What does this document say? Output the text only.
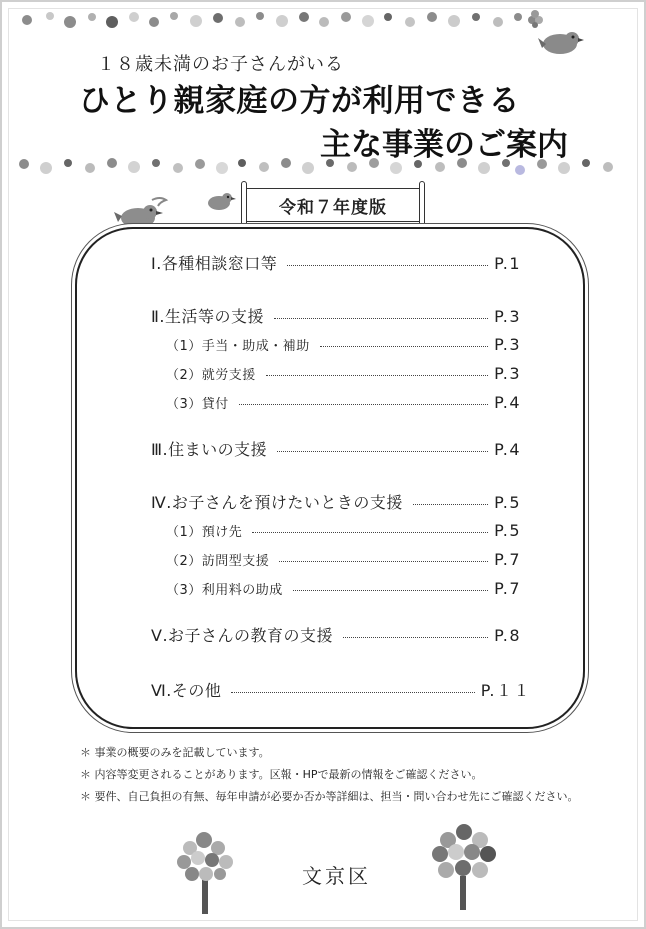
１８歳未満のお子さんがいる
ひとり親家庭の方が利用できる
主な事業のご案内
令和７年度版
Ⅰ.各種相談窓口等	P.1
Ⅱ.生活等の支援	P.3
（1）手当・助成・補助	P.3
（2）就労支援	P.3
（3）貸付	P.4
Ⅲ.住まいの支援	P.4
Ⅳ.お子さんを預けたいときの支援	P.5
（1）預け先	P.5
（2）訪問型支援	P.7
（3）利用料の助成	P.7
Ⅴ.お子さんの教育の支援	P.8
Ⅵ.その他	P.１１
＊ 事業の概要のみを記載しています。
＊ 内容等変更されることがあります。区報・HPで最新の情報をご確認ください。
＊ 要件、自己負担の有無、毎年申請が必要か否か等詳細は、担当・問い合わせ先にご確認ください。
文京区
